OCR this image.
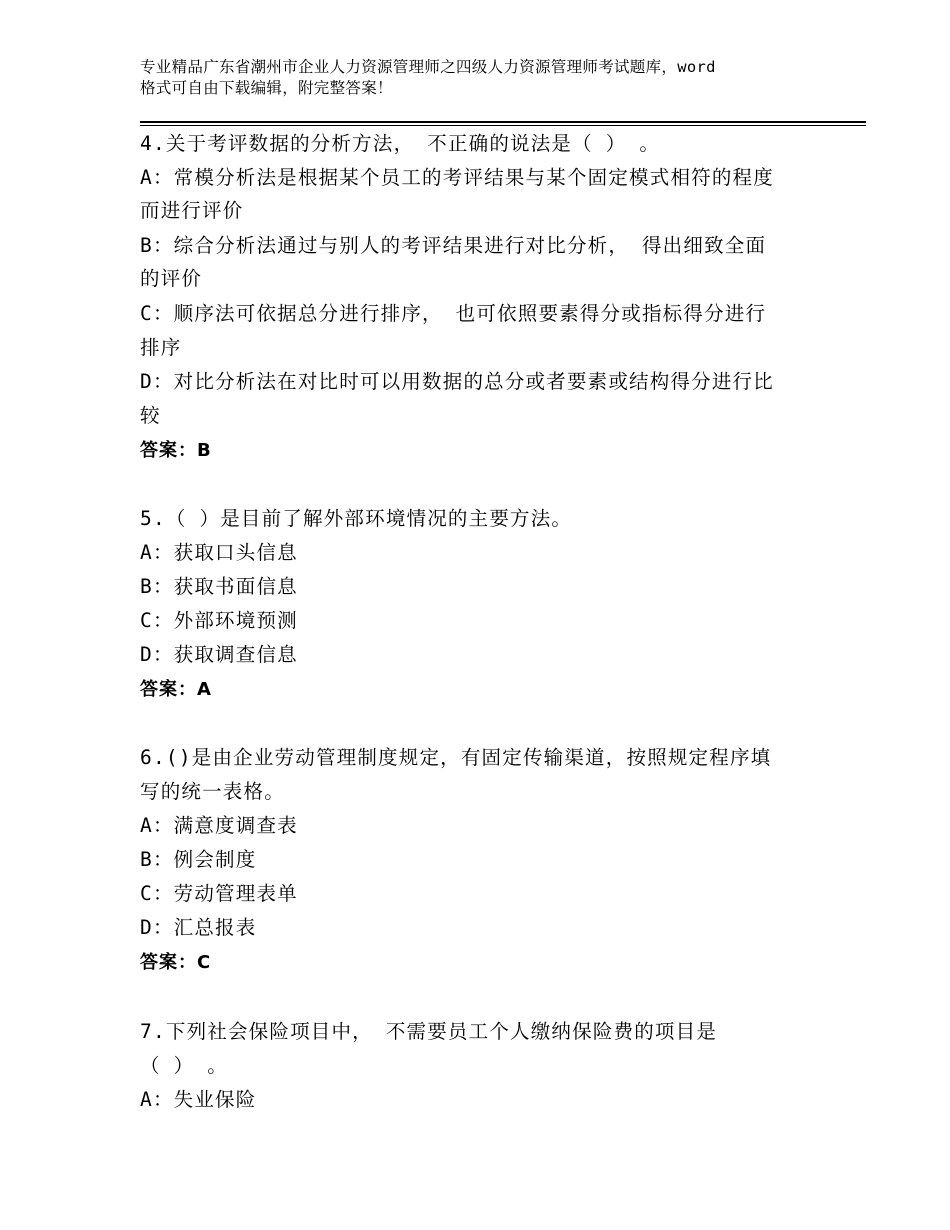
专业精品广东省潮州市企业人力资源管理师之四级人力资源管理师考试题库，word
格式可自由下载编辑，附完整答案！
4.关于考评数据的分析方法， 不正确的说法是（ ） 。
A：常模分析法是根据某个员工的考评结果与某个固定模式相符的程度
而进行评价
B：综合分析法通过与别人的考评结果进行对比分析， 得出细致全面
的评价
C：顺序法可依据总分进行排序， 也可依照要素得分或指标得分进行
排序
D：对比分析法在对比时可以用数据的总分或者要素或结构得分进行比
较
答案：B
5.（ ）是目前了解外部环境情况的主要方法。
A：获取口头信息
B：获取书面信息
C：外部环境预测
D：获取调查信息
答案：A
6.()是由企业劳动管理制度规定，有固定传输渠道，按照规定程序填
写的统一表格。
A：满意度调查表
B：例会制度
C：劳动管理表单
D：汇总报表
答案：C
7.下列社会保险项目中， 不需要员工个人缴纳保险费的项目是
（ ） 。
A：失业保险
